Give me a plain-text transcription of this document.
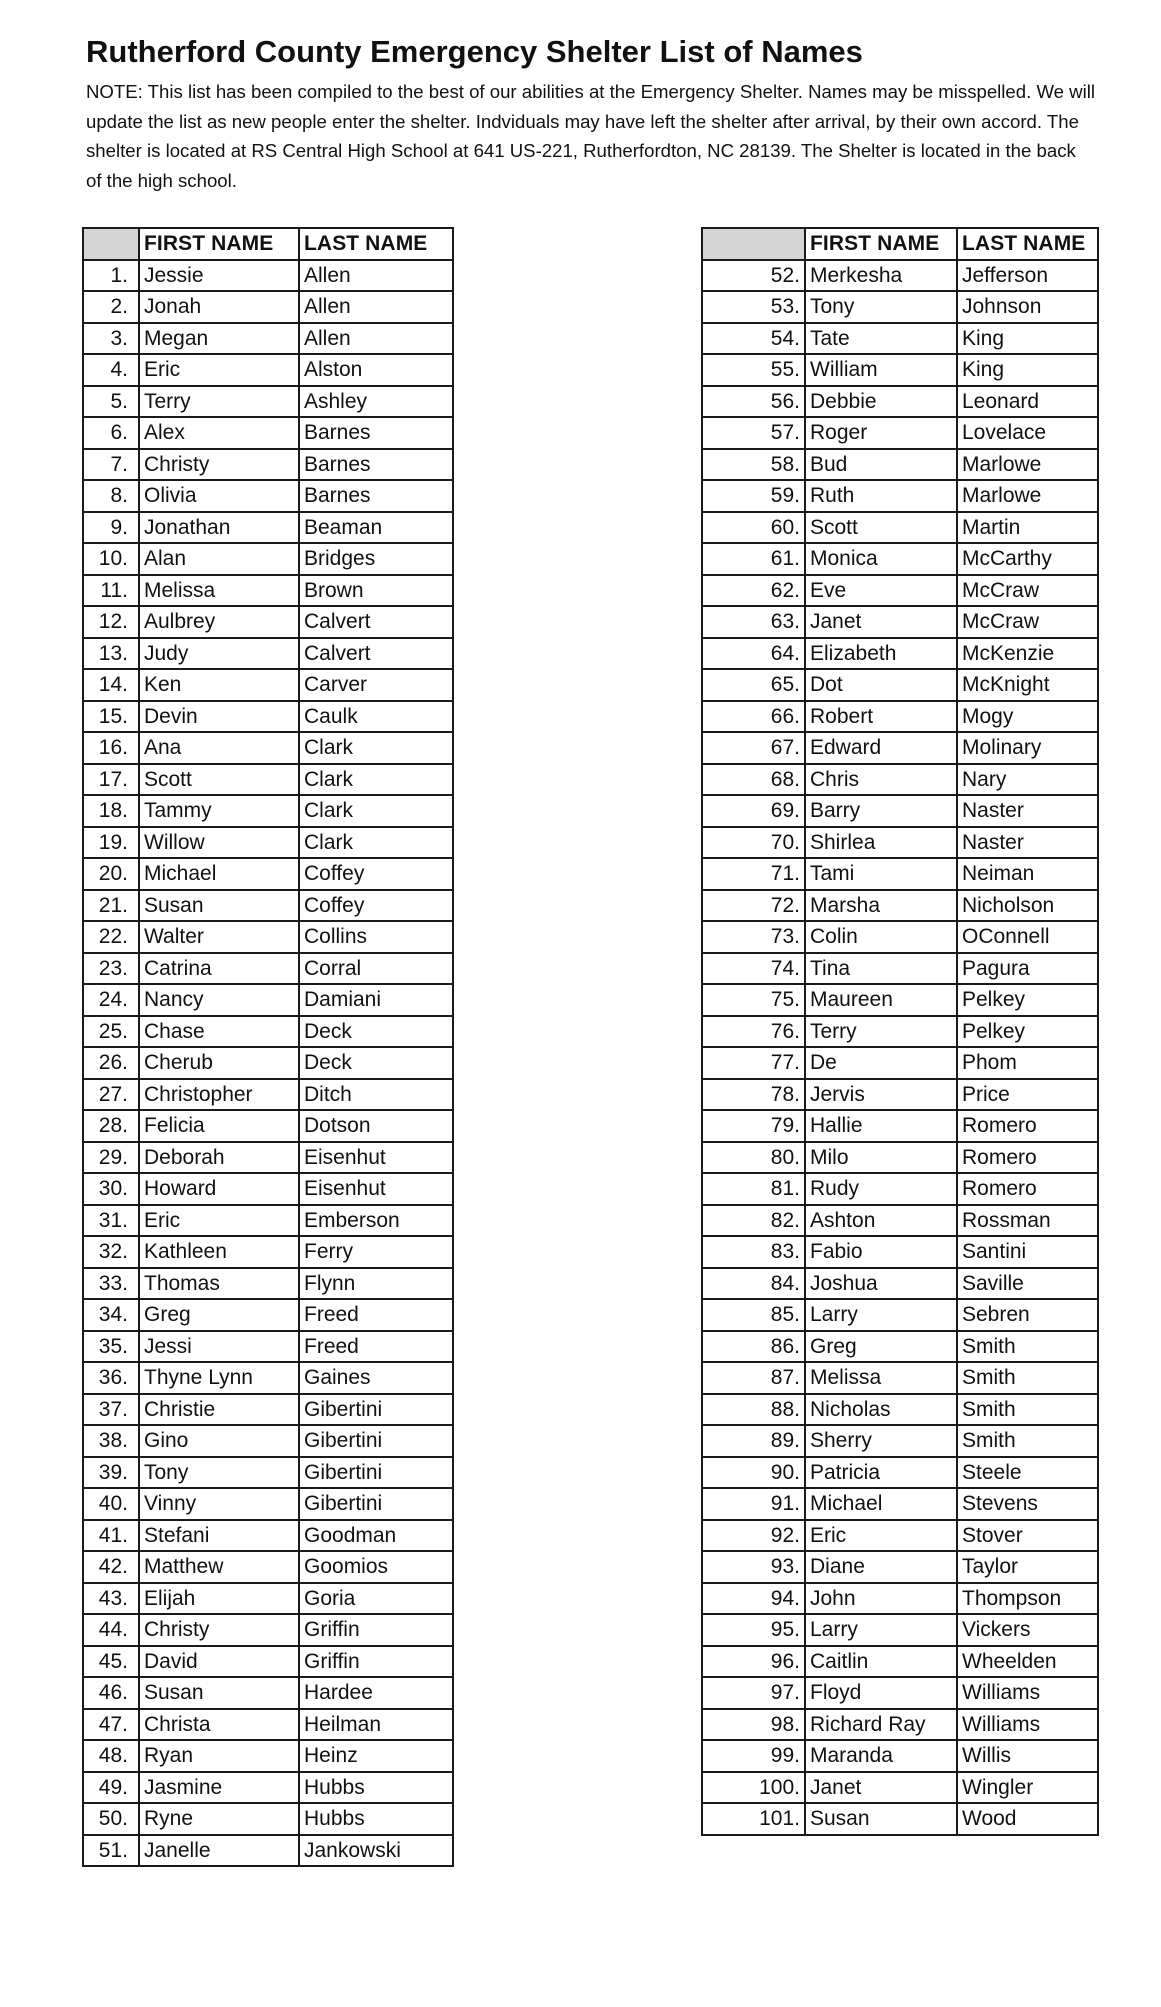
Rutherford County Emergency Shelter List of Names

NOTE: This list has been compiled to the best of our abilities at the Emergency Shelter. Names may be misspelled. We will update the list as new people enter the shelter. Indviduals may have left the shelter after arrival, by their own accord. The shelter is located at RS Central High School at 641 US-221, Rutherfordton, NC 28139. The Shelter is located in the back of the high school.

	FIRST NAME	LAST NAME
1.	Jessie	Allen
2.	Jonah	Allen
3.	Megan	Allen
4.	Eric	Alston
5.	Terry	Ashley
6.	Alex	Barnes
7.	Christy	Barnes
8.	Olivia	Barnes
9.	Jonathan	Beaman
10.	Alan	Bridges
11.	Melissa	Brown
12.	Aulbrey	Calvert
13.	Judy	Calvert
14.	Ken	Carver
15.	Devin	Caulk
16.	Ana	Clark
17.	Scott	Clark
18.	Tammy	Clark
19.	Willow	Clark
20.	Michael	Coffey
21.	Susan	Coffey
22.	Walter	Collins
23.	Catrina	Corral
24.	Nancy	Damiani
25.	Chase	Deck
26.	Cherub	Deck
27.	Christopher	Ditch
28.	Felicia	Dotson
29.	Deborah	Eisenhut
30.	Howard	Eisenhut
31.	Eric	Emberson
32.	Kathleen	Ferry
33.	Thomas	Flynn
34.	Greg	Freed
35.	Jessi	Freed
36.	Thyne Lynn	Gaines
37.	Christie	Gibertini
38.	Gino	Gibertini
39.	Tony	Gibertini
40.	Vinny	Gibertini
41.	Stefani	Goodman
42.	Matthew	Goomios
43.	Elijah	Goria
44.	Christy	Griffin
45.	David	Griffin
46.	Susan	Hardee
47.	Christa	Heilman
48.	Ryan	Heinz
49.	Jasmine	Hubbs
50.	Ryne	Hubbs
51.	Janelle	Jankowski
	FIRST NAME	LAST NAME
52.	Merkesha	Jefferson
53.	Tony	Johnson
54.	Tate	King
55.	William	King
56.	Debbie	Leonard
57.	Roger	Lovelace
58.	Bud	Marlowe
59.	Ruth	Marlowe
60.	Scott	Martin
61.	Monica	McCarthy
62.	Eve	McCraw
63.	Janet	McCraw
64.	Elizabeth	McKenzie
65.	Dot	McKnight
66.	Robert	Mogy
67.	Edward	Molinary
68.	Chris	Nary
69.	Barry	Naster
70.	Shirlea	Naster
71.	Tami	Neiman
72.	Marsha	Nicholson
73.	Colin	OConnell
74.	Tina	Pagura
75.	Maureen	Pelkey
76.	Terry	Pelkey
77.	De	Phom
78.	Jervis	Price
79.	Hallie	Romero
80.	Milo	Romero
81.	Rudy	Romero
82.	Ashton	Rossman
83.	Fabio	Santini
84.	Joshua	Saville
85.	Larry	Sebren
86.	Greg	Smith
87.	Melissa	Smith
88.	Nicholas	Smith
89.	Sherry	Smith
90.	Patricia	Steele
91.	Michael	Stevens
92.	Eric	Stover
93.	Diane	Taylor
94.	John	Thompson
95.	Larry	Vickers
96.	Caitlin	Wheelden
97.	Floyd	Williams
98.	Richard Ray	Williams
99.	Maranda	Willis
100.	Janet	Wingler
101.	Susan	Wood
